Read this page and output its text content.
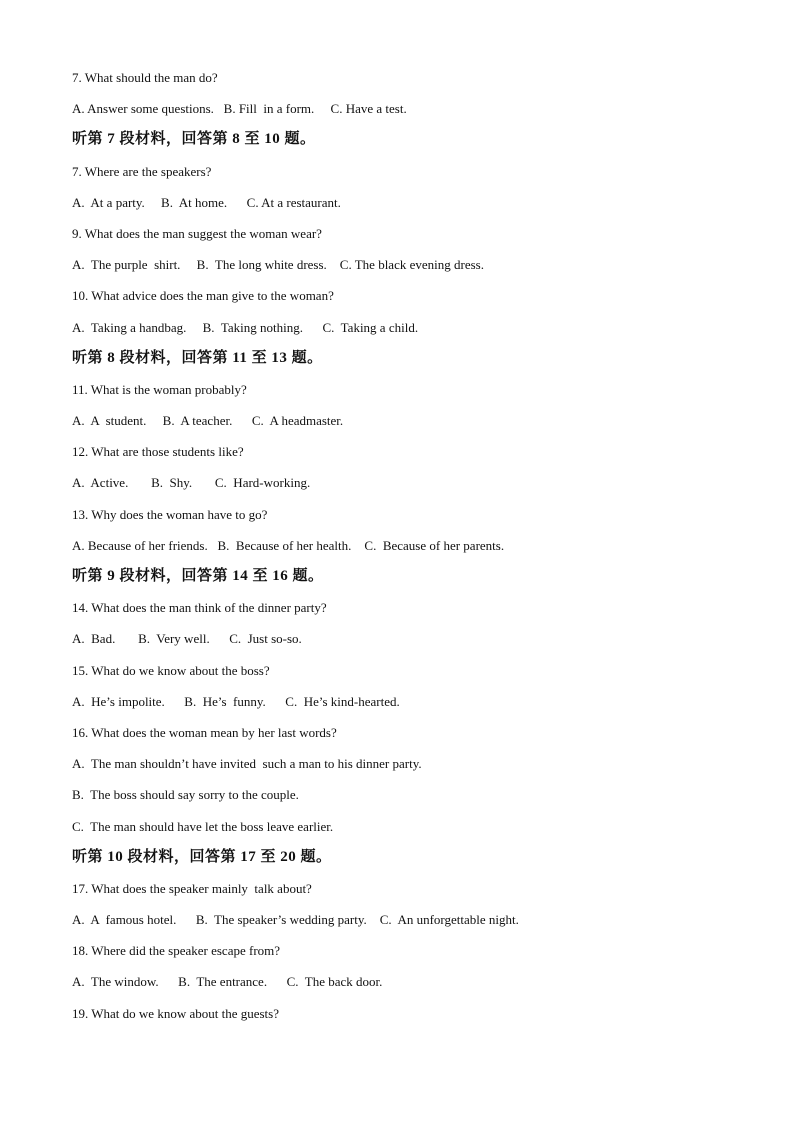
7. What should the man do?
A. Answer some questions.   B. Fill  in a form.     C. Have a test.
听第 7 段材料，回答第 8 至 10 题。
7. Where are the speakers?
A.  At a party.     B.  At home.      C. At a restaurant.
9. What does the man suggest the woman wear?
A.  The purple  shirt.     B.  The long white dress.    C. The black evening dress.
10. What advice does the man give to the woman?
A.  Taking a handbag.     B.  Taking nothing.      C.  Taking a child.
听第 8 段材料，回答第 11 至 13 题。
11. What is the woman probably?
A.  A  student.     B.  A teacher.      C.  A headmaster.
12. What are those students like?
A.  Active.       B.  Shy.       C.  Hard-working.
13. Why does the woman have to go?
A. Because of her friends.   B.  Because of her health.    C.  Because of her parents.
听第 9 段材料，回答第 14 至 16 题。
14. What does the man think of the dinner party?
A.  Bad.       B.  Very well.      C.  Just so-so.
15. What do we know about the boss?
A.  He’s impolite.      B.  He’s  funny.      C.  He’s kind-hearted.
16. What does the woman mean by her last words?
A.  The man shouldn’t have invited  such a man to his dinner party.
B.  The boss should say sorry to the couple.
C.  The man should have let the boss leave earlier.
听第 10 段材料，回答第 17 至 20 题。
17. What does the speaker mainly  talk about?
A.  A  famous hotel.      B.  The speaker’s wedding party.    C.  An unforgettable night.
18. Where did the speaker escape from?
A.  The window.      B.  The entrance.      C.  The back door.
19. What do we know about the guests?
